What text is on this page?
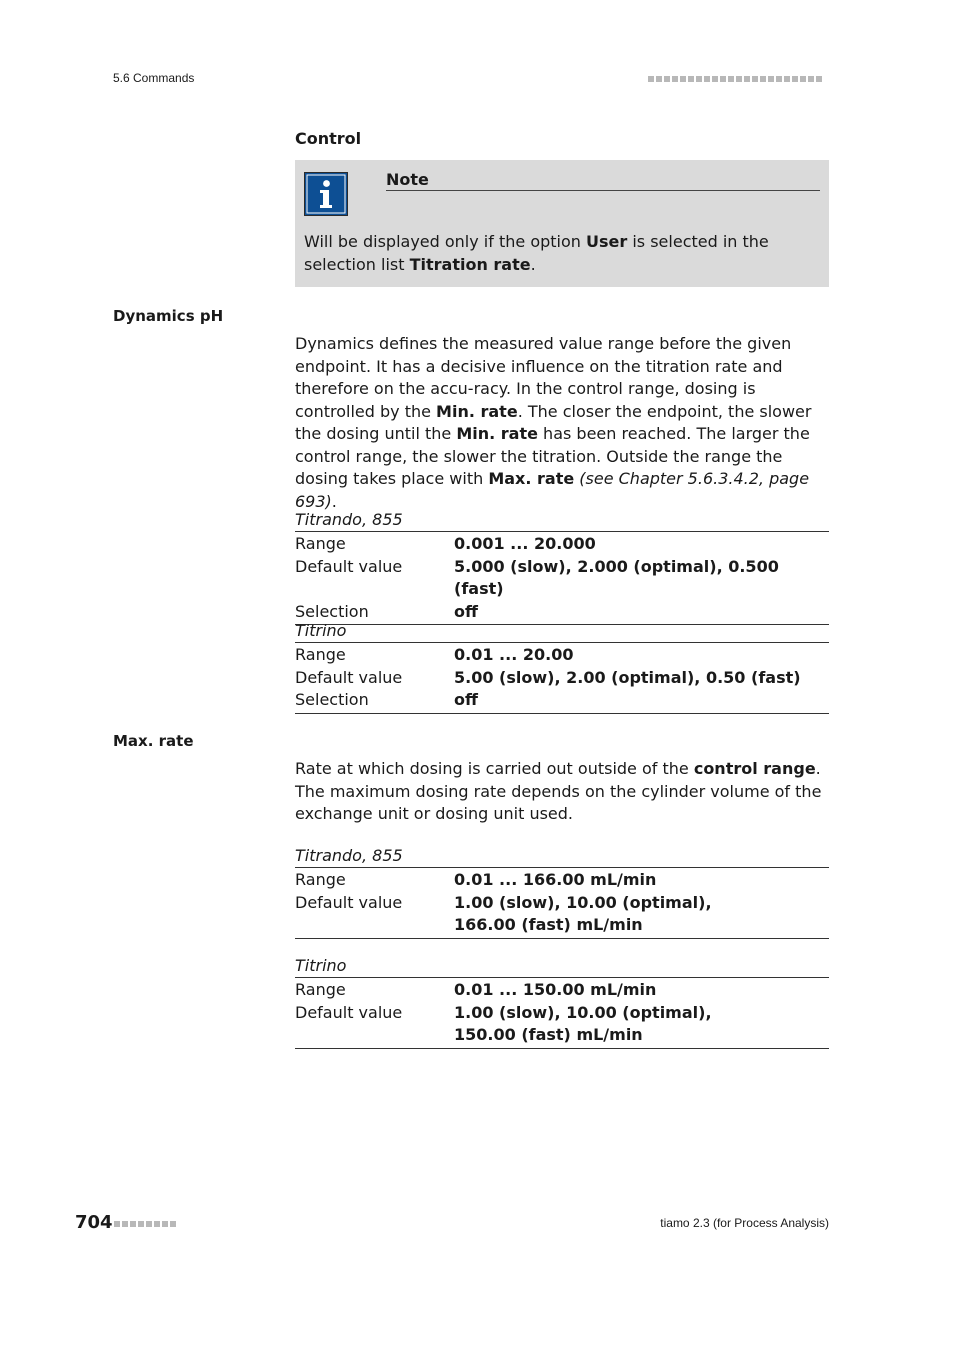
5.6 Commands
Control
Note
Will be displayed only if the option User is selected in the selection list Titration rate.
Dynamics pH
Dynamics defines the measured value range before the given endpoint. It has a decisive influence on the titration rate and therefore on the accu-racy. In the control range, dosing is controlled by the Min. rate. The closer the endpoint, the slower the dosing until the Min. rate has been reached. The larger the control range, the slower the titration. Outside the range the dosing takes place with Max. rate (see Chapter 5.6.3.4.2, page 693).
Titrando, 855
Range	0.001 ... 20.000
Default value	5.000 (slow), 2.000 (optimal), 0.500 (fast)
Selection	off
Titrino
Range	0.01 ... 20.00
Default value	5.00 (slow), 2.00 (optimal), 0.50 (fast)
Selection	off
Max. rate
Rate at which dosing is carried out outside of the control range. The maximum dosing rate depends on the cylinder volume of the exchange unit or dosing unit used.
Titrando, 855
Range	0.01 ... 166.00 mL/min
Default value	1.00 (slow), 10.00 (optimal), 166.00 (fast) mL/min
Titrino
Range	0.01 ... 150.00 mL/min
Default value	1.00 (slow), 10.00 (optimal), 150.00 (fast) mL/min
704	tiamo 2.3 (for Process Analysis)
